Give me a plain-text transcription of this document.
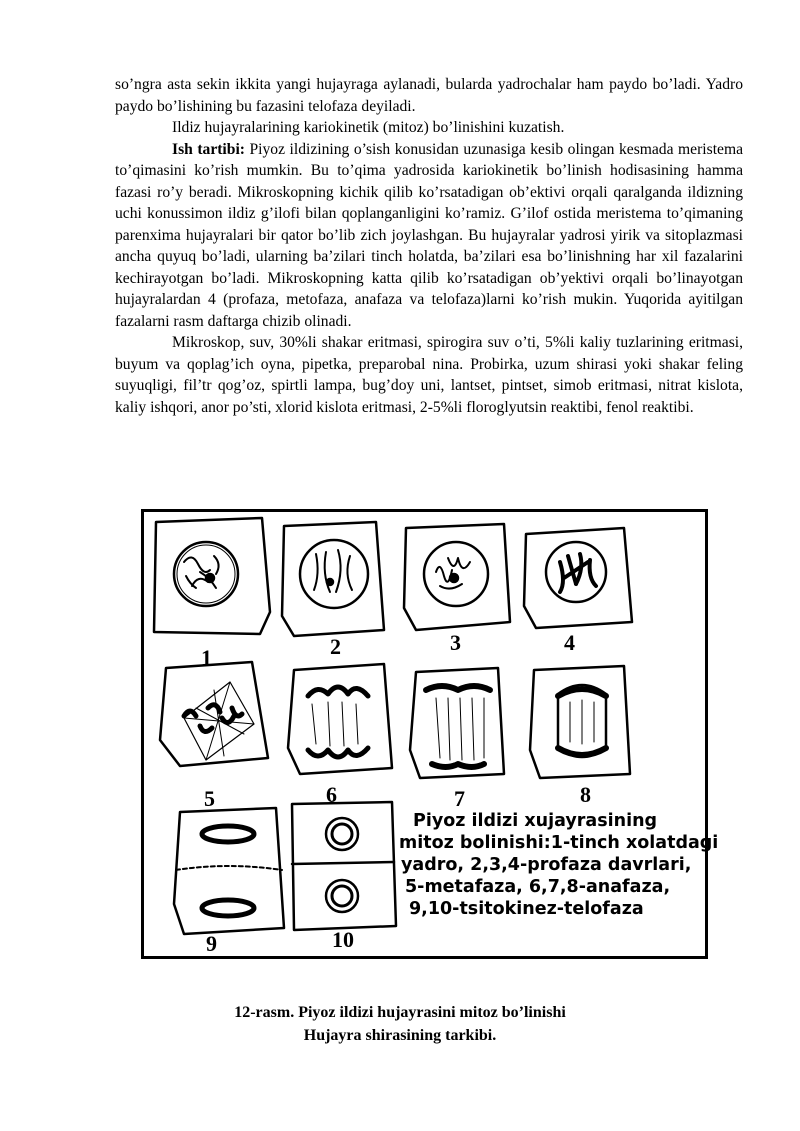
so’ngra asta sekin ikkita yangi hujayraga aylanadi, bularda yadrochalar ham paydo bo’ladi. Yadro paydo bo’lishining bu fazasini telofaza deyiladi.

Ildiz hujayralarining kariokinetik (mitoz) bo’linishini kuzatish.

Ish tartibi: Piyoz ildizining o’sish konusidan uzunasiga kesib olingan kesmada meristema to’qimasini ko’rish mumkin. Bu to’qima yadrosida kariokinetik bo’linish hodisasining hamma fazasi ro’y beradi. Mikroskopning kichik qilib ko’rsatadigan ob’ektivi orqali qaralganda ildizning uchi konussimon ildiz g’ilofi bilan qoplanganligini ko’ramiz. G’ilof ostida meristema to’qimaning parenxima hujayralari bir qator bo’lib zich joylashgan. Bu hujayralar yadrosi yirik va sitoplazmasi ancha quyuq bo’ladi, ularning ba’zilari tinch holatda, ba’zilari esa bo’linishning har xil fazalarini kechirayotgan bo’ladi. Mikroskopning katta qilib ko’rsatadigan ob’yektivi orqali bo’linayotgan hujayralardan 4 (profaza, metofaza, anafaza va telofaza)larni ko’rish mukin. Yuqorida ayitilgan fazalarni rasm daftarga chizib olinadi.

Mikroskop, suv, 30%li shakar eritmasi, spirogira suv o’ti, 5%li kaliy tuzlarining eritmasi, buyum va qoplag’ich oyna, pipetka, preparobal nina. Probirka, uzum shirasi yoki shakar feling suyuqligi, fil’tr qog’oz, spirtli lampa, bug’doy uni, lantset, pintset, simob eritmasi, nitrat kislota, kaliy ishqori, anor po’sti, xlorid kislota eritmasi, 2-5%li floroglyutsin reaktibi, fenol reaktibi.

1	2	3	4
5	6	7	8
9	10
Piyoz ildizi xujayrasining
mitoz bolinishi:1-tinch xolatdagi
yadro, 2,3,4-profaza davrlari,
5-metafaza, 6,7,8-anafaza,
9,10-tsitokinez-telofaza
12-rasm. Piyoz ildizi hujayrasini mitoz bo’linishi
Hujayra shirasining tarkibi.
